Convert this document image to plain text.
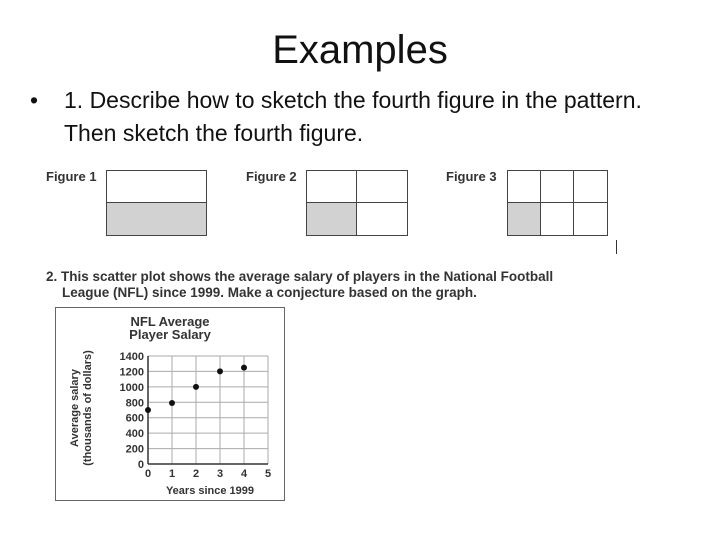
Examples
• 1. Describe how to sketch the fourth figure in the pattern. Then sketch the fourth figure.
Figure 1	Figure 2	Figure 3
2. This scatter plot shows the average salary of players in the National Football
League (NFL) since 1999. Make a conjecture based on the graph.
NFL Average
Player Salary
Average salary (thousands of dollars)
Years since 1999
0
200
400
600
800
1000
1200
1400
0 1 2 3 4 5
